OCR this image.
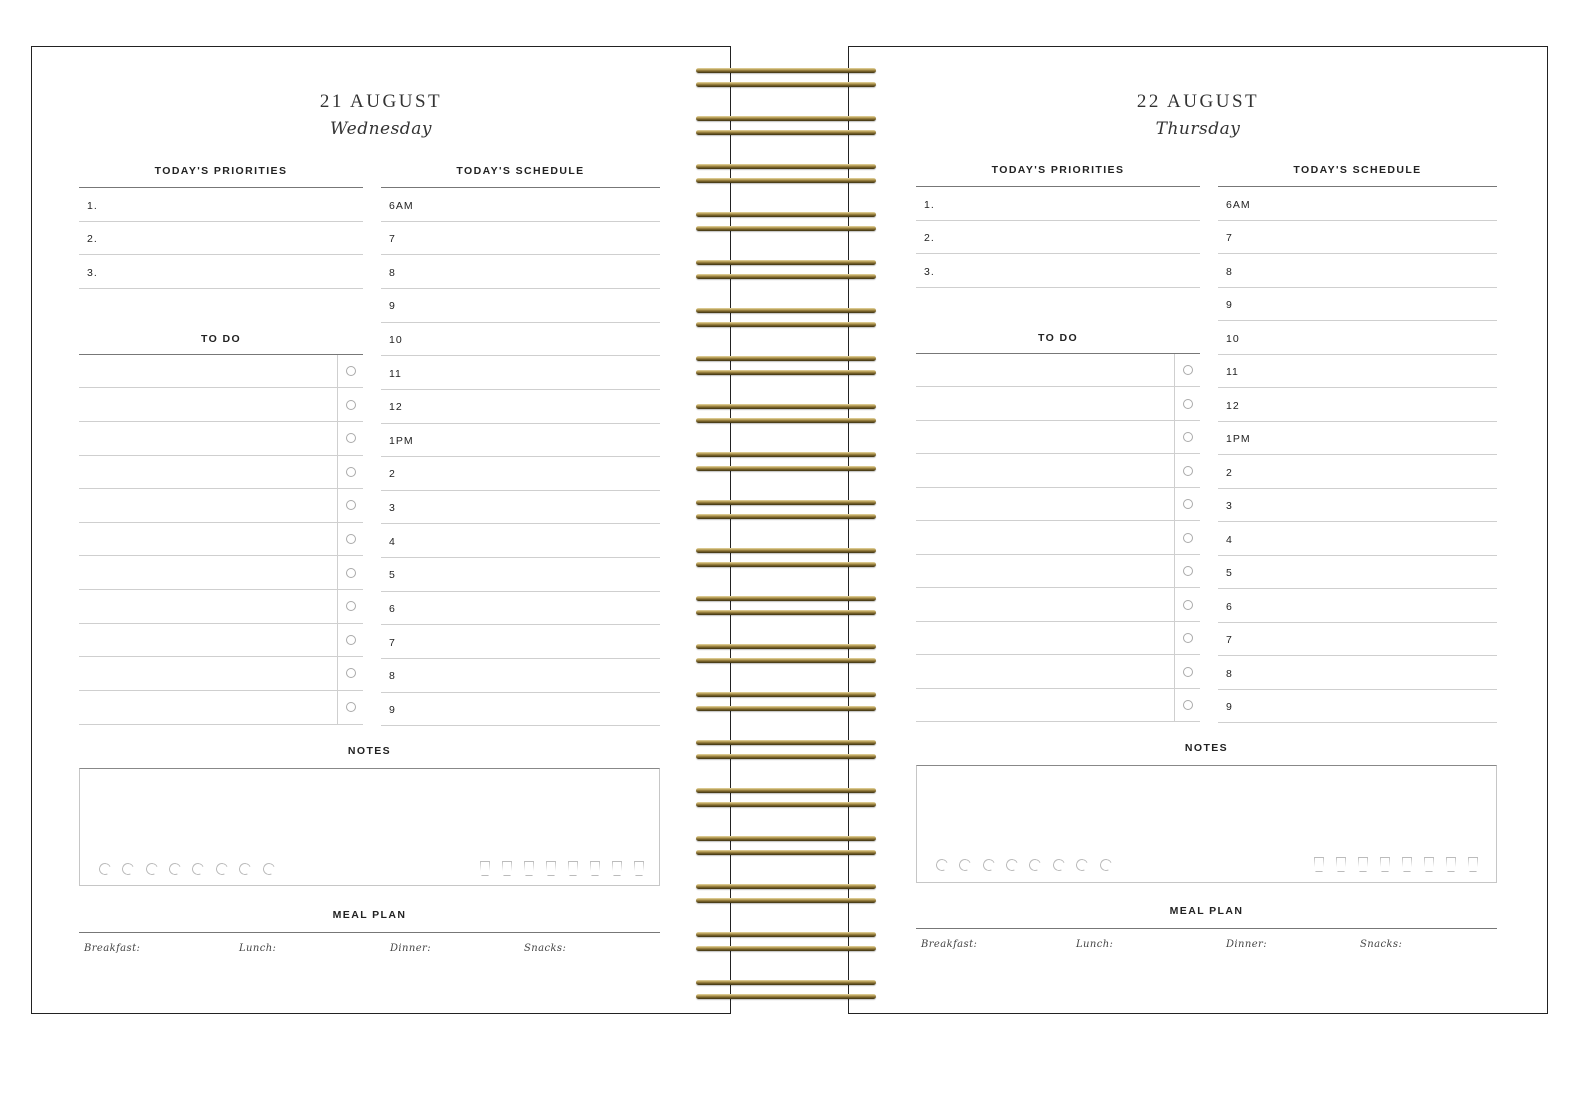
21 AUGUST
Wednesday
TODAY'S PRIORITIES	TODAY'S SCHEDULE
1.
2.
3.
TO DO
6AM
7
8
9
10
11
12
1PM
2
3
4
5
6
7
8
9
NOTES
MEAL PLAN
Breakfast:	Lunch:	Dinner:	Snacks:
22 AUGUST
Thursday
TODAY'S PRIORITIES	TODAY'S SCHEDULE
1.
2.
3.
TO DO
6AM
7
8
9
10
11
12
1PM
2
3
4
5
6
7
8
9
NOTES
MEAL PLAN
Breakfast:	Lunch:	Dinner:	Snacks:
